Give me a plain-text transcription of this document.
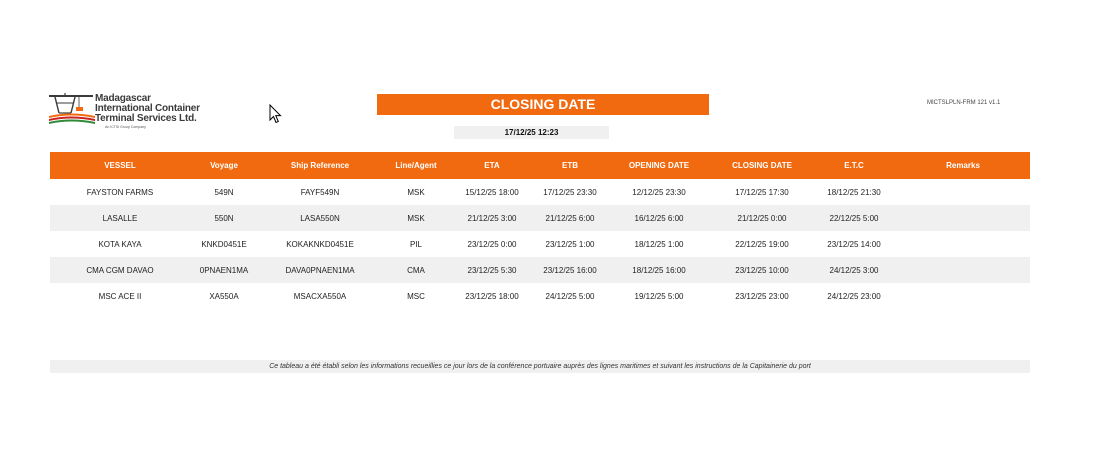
Madagascar
International Container
Terminal Services Ltd.
An ICTSI Group Company
CLOSING DATE
17/12/25 12:23
MICTSLPLN-FRM 121 v1.1
VESSEL	Voyage	Ship Reference	Line/Agent	ETA	ETB	OPENING DATE	CLOSING DATE	E.T.C	Remarks
FAYSTON FARMS	549N	FAYF549N	MSK	15/12/25 18:00	17/12/25 23:30	12/12/25 23:30	17/12/25 17:30	18/12/25 21:30	
LASALLE	550N	LASA550N	MSK	21/12/25 3:00	21/12/25 6:00	16/12/25 6:00	21/12/25 0:00	22/12/25 5:00	
KOTA KAYA	KNKD0451E	KOKAKNKD0451E	PIL	23/12/25 0:00	23/12/25 1:00	18/12/25 1:00	22/12/25 19:00	23/12/25 14:00	
CMA CGM DAVAO	0PNAEN1MA	DAVA0PNAEN1MA	CMA	23/12/25 5:30	23/12/25 16:00	18/12/25 16:00	23/12/25 10:00	24/12/25 3:00	
MSC ACE II	XA550A	MSACXA550A	MSC	23/12/25 18:00	24/12/25 5:00	19/12/25 5:00	23/12/25 23:00	24/12/25 23:00	
Ce tableau a été établi selon les informations recueillies ce jour lors de la conférence portuaire auprès des lignes maritimes et suivant les instructions de la Capitainerie du port
